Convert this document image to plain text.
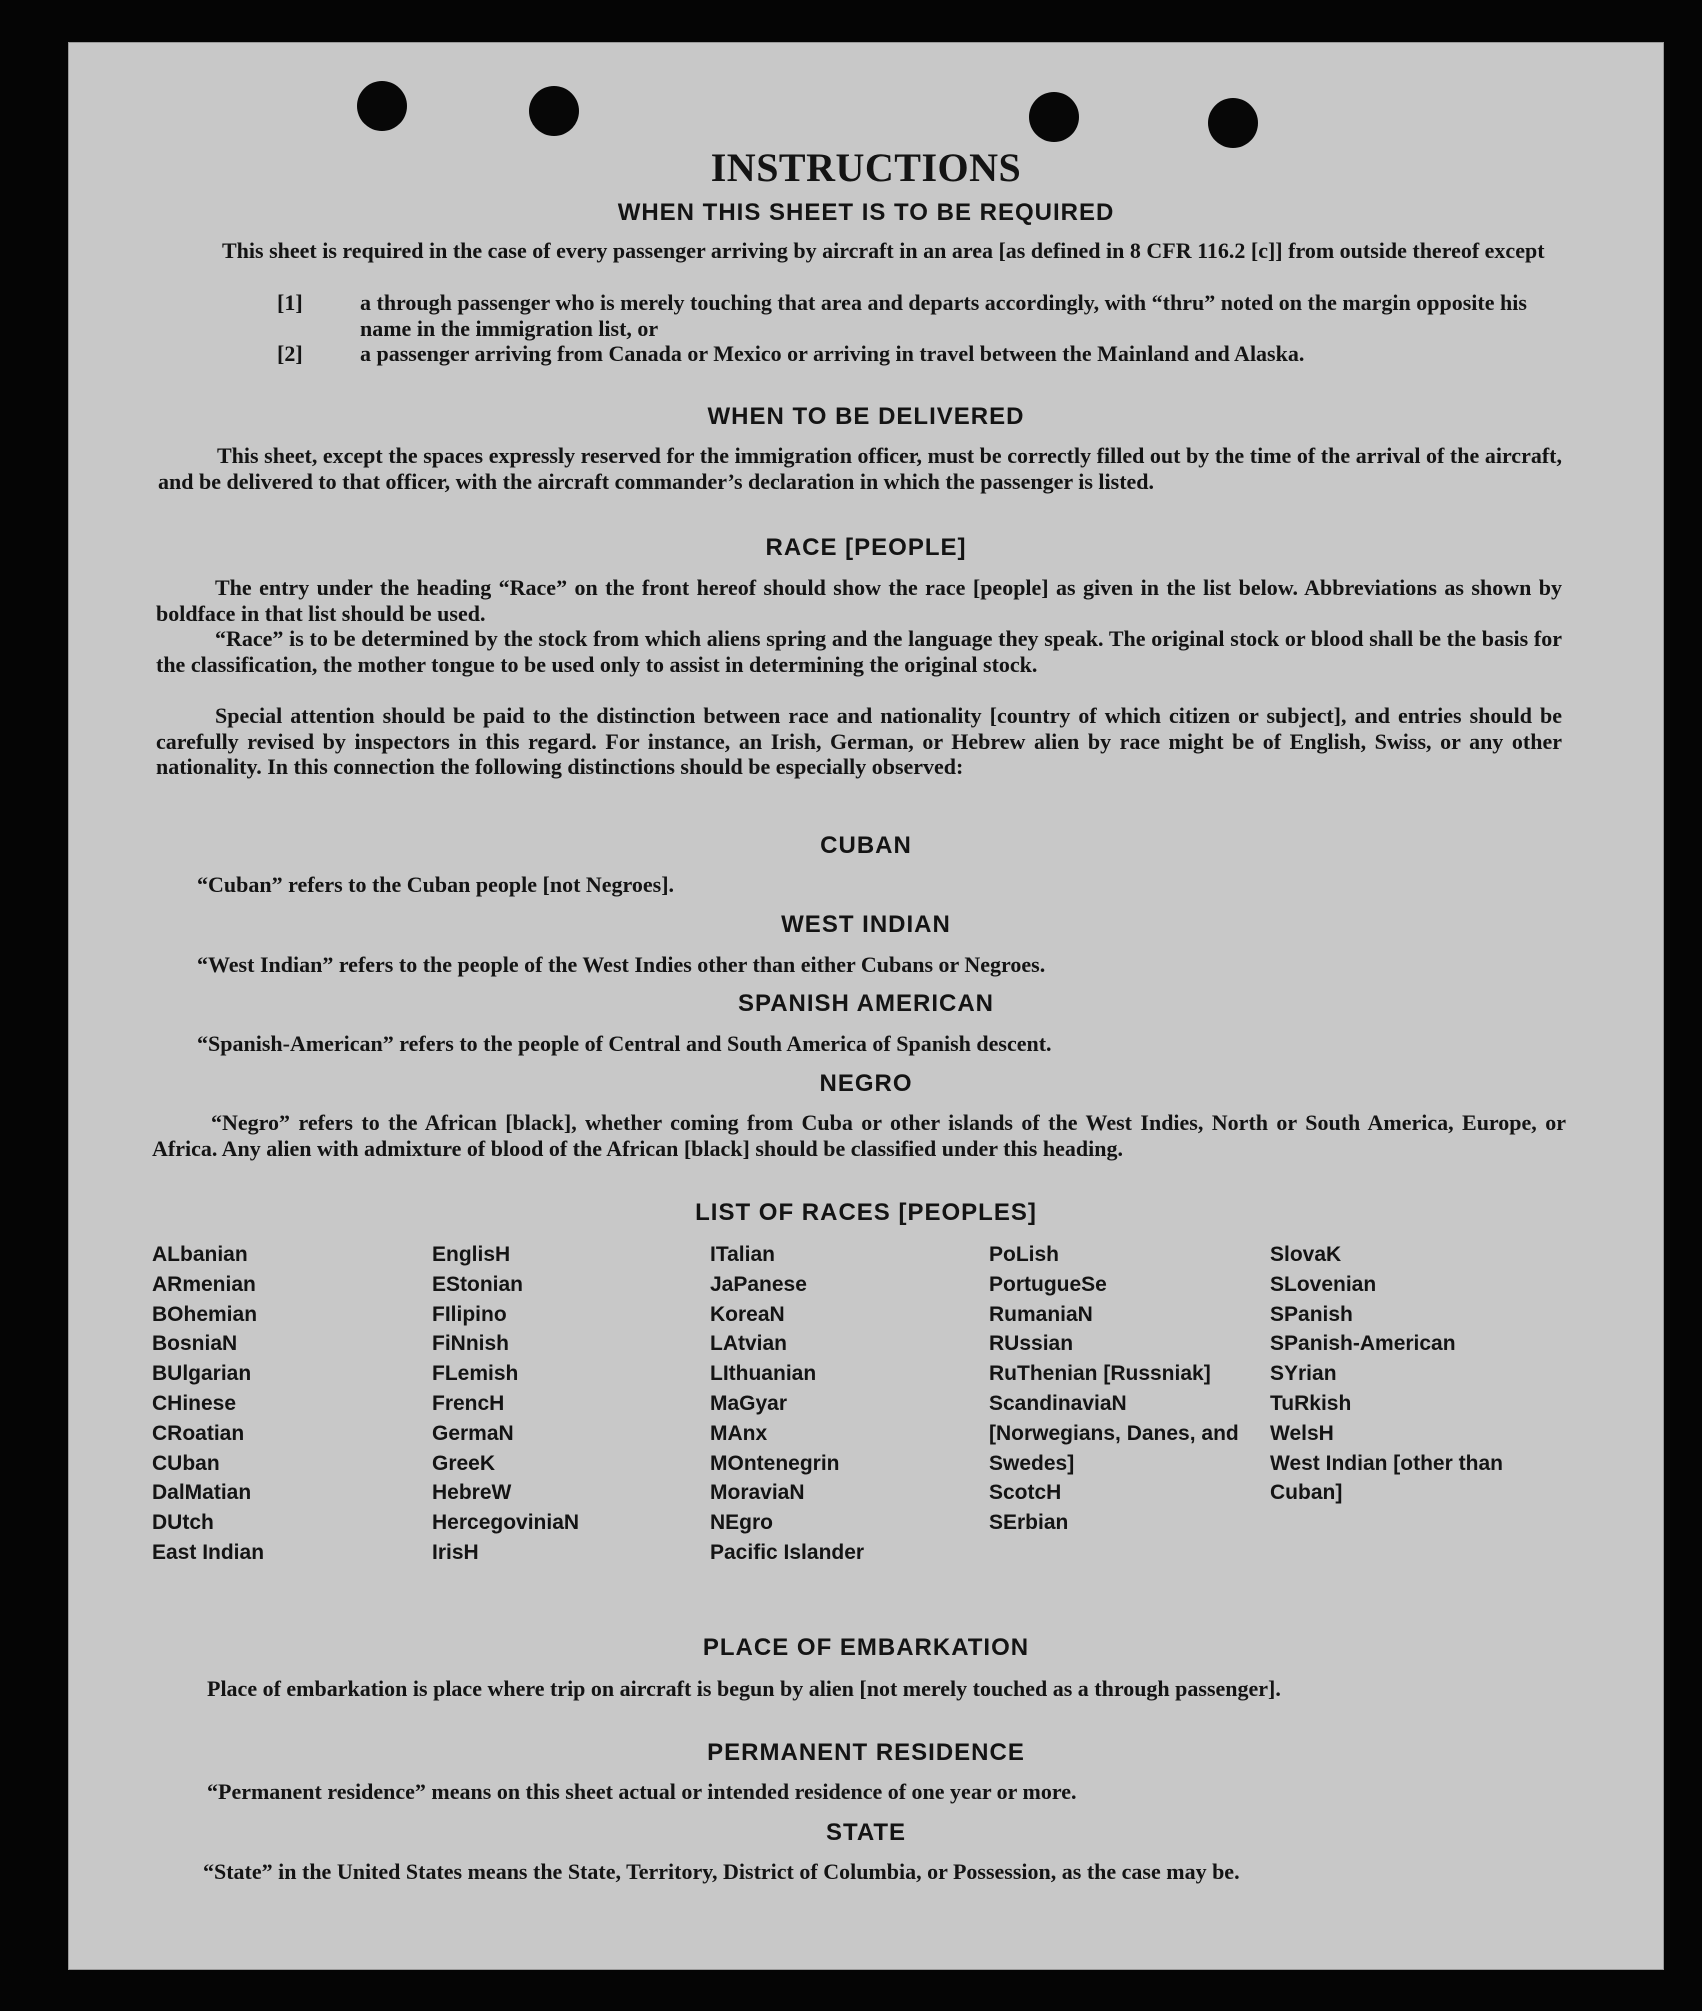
INSTRUCTIONS
WHEN THIS SHEET IS TO BE REQUIRED

This sheet is required in the case of every passenger arriving by aircraft in an area [as defined in 8 CFR 116.2 [c]] from outside thereof except

[1]	a through passenger who is merely touching that area and departs accordingly, with “thru” noted on the margin opposite his name in the immigration list, or
[2]	a passenger arriving from Canada or Mexico or arriving in travel between the Mainland and Alaska.
WHEN TO BE DELIVERED

This sheet, except the spaces expressly reserved for the immigration officer, must be correctly filled out by the time of the arrival of the aircraft, and be delivered to that officer, with the aircraft commander’s declaration in which the passenger is listed.

RACE [PEOPLE]

The entry under the heading “Race” on the front hereof should show the race [people] as given in the list below. Abbreviations as shown by boldface in that list should be used.

“Race” is to be determined by the stock from which aliens spring and the language they speak. The original stock or blood shall be the basis for the classification, the mother tongue to be used only to assist in determining the original stock.

Special attention should be paid to the distinction between race and nationality [country of which citizen or subject], and entries should be carefully revised by inspectors in this regard. For instance, an Irish, German, or Hebrew alien by race might be of English, Swiss, or any other nationality. In this connection the following distinctions should be especially observed:

CUBAN

“Cuban” refers to the Cuban people [not Negroes].

WEST INDIAN

“West Indian” refers to the people of the West Indies other than either Cubans or Negroes.

SPANISH AMERICAN

“Spanish-American” refers to the people of Central and South America of Spanish descent.

NEGRO

“Negro” refers to the African [black], whether coming from Cuba or other islands of the West Indies, North or South America, Europe, or Africa. Any alien with admixture of blood of the African [black] should be classified under this heading.

LIST OF RACES [PEOPLES]
ALbanian
ARmenian
BOhemian
BosniaN
BUlgarian
CHinese
CRoatian
CUban
DalMatian
DUtch
East Indian
EnglisH
EStonian
FIlipino
FiNnish
FLemish
FrencH
GermaN
GreeK
HebreW
HercegoviniaN
IrisH
ITalian
JaPanese
KoreaN
LAtvian
LIthuanian
MaGyar
MAnx
MOntenegrin
MoraviaN
NEgro
Pacific Islander
PoLish
PortugueSe
RumaniaN
RUssian
RuThenian [Russniak]
ScandinaviaN [Norwegians, Danes, and Swedes]
ScotcH
SErbian
SlovaK
SLovenian
SPanish
SPanish-American
SYrian
TuRkish
WelsH
West Indian [other than Cuban]
PLACE OF EMBARKATION

Place of embarkation is place where trip on aircraft is begun by alien [not merely touched as a through passenger].

PERMANENT RESIDENCE

“Permanent residence” means on this sheet actual or intended residence of one year or more.

STATE

“State” in the United States means the State, Territory, District of Columbia, or Possession, as the case may be.
